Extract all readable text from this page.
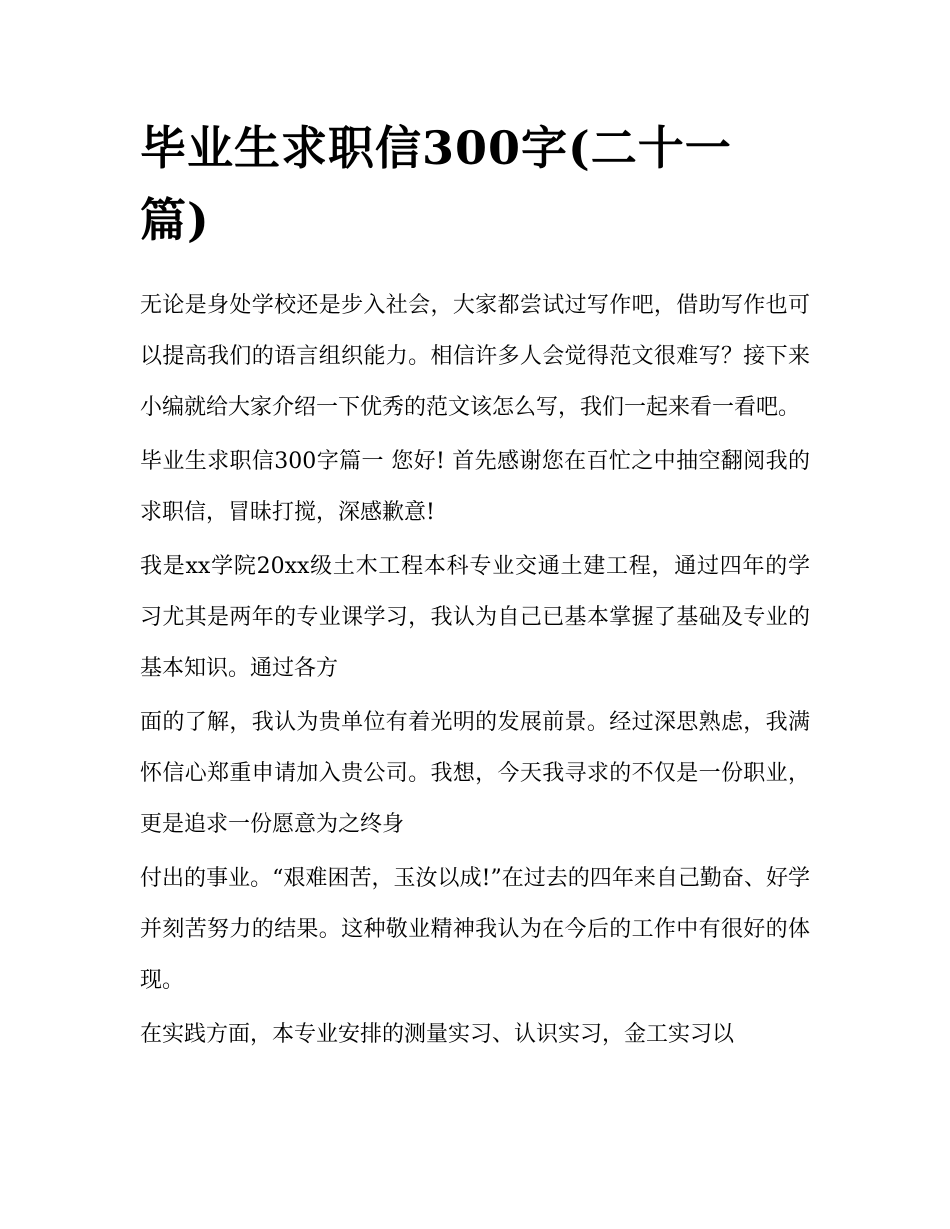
毕业生求职信300字(二十一篇)

无论是身处学校还是步入社会，大家都尝试过写作吧，借助写作也可以提高我们的语言组织能力。相信许多人会觉得范文很难写？接下来小编就给大家介绍一下优秀的范文该怎么写，我们一起来看一看吧。

毕业生求职信300字篇一 您好! 首先感谢您在百忙之中抽空翻阅我的求职信，冒昧打搅，深感歉意!

我是xx学院20xx级土木工程本科专业交通土建工程，通过四年的学习尤其是两年的专业课学习，我认为自己已基本掌握了基础及专业的基本知识。通过各方

面的了解，我认为贵单位有着光明的发展前景。经过深思熟虑，我满怀信心郑重申请加入贵公司。我想，今天我寻求的不仅是一份职业，更是追求一份愿意为之终身

付出的事业。“艰难困苦，玉汝以成!”在过去的四年来自己勤奋、好学并刻苦努力的结果。这种敬业精神我认为在今后的工作中有很好的体现。

在实践方面，本专业安排的测量实习、认识实习，金工实习以
